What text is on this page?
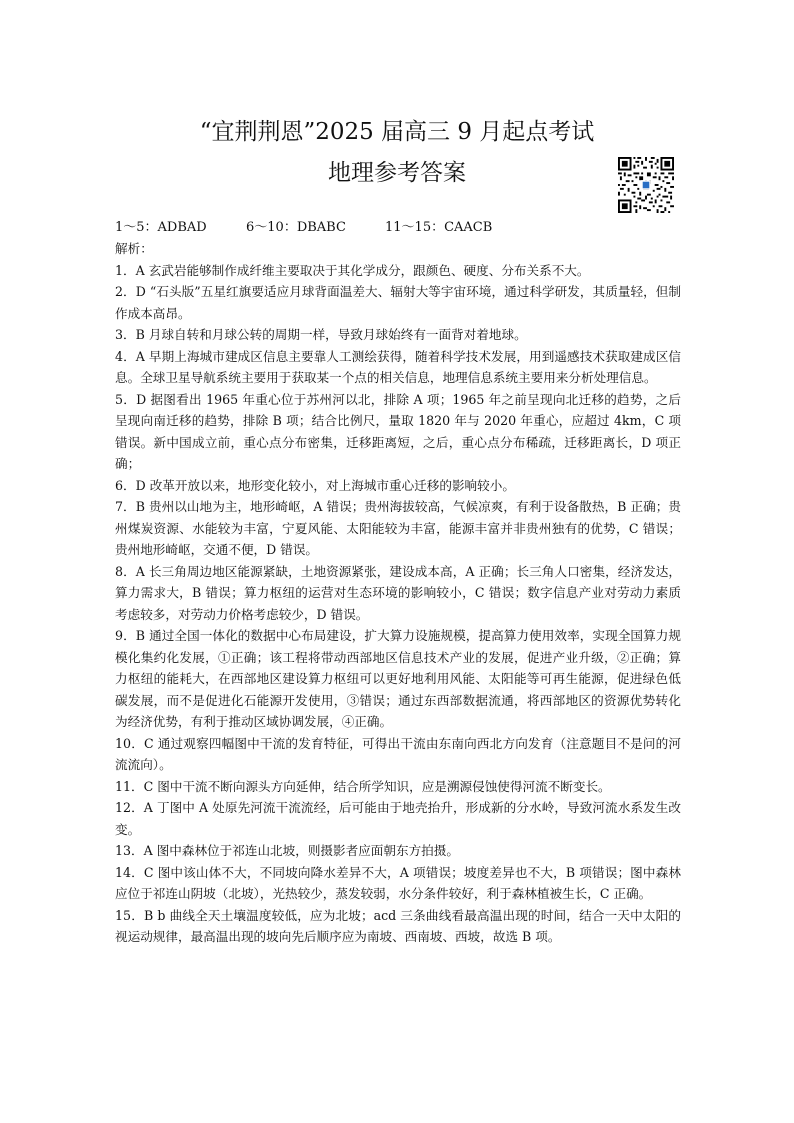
“宜荆荆恩”2025 届高三 9 月起点考试
地理参考答案
1～5：ADBAD	6～10：DBABC	11～15：CAACB

解析：

1．A 玄武岩能够制作成纤维主要取决于其化学成分，跟颜色、硬度、分布关系不大。

2．D “石头版”五星红旗要适应月球背面温差大、辐射大等宇宙环境，通过科学研发，其质量轻，但制作成本高昂。

3．B 月球自转和月球公转的周期一样，导致月球始终有一面背对着地球。

4．A 早期上海城市建成区信息主要靠人工测绘获得，随着科学技术发展，用到遥感技术获取建成区信息。全球卫星导航系统主要用于获取某一个点的相关信息，地理信息系统主要用来分析处理信息。

5．D 据图看出 1965 年重心位于苏州河以北，排除 A 项；1965 年之前呈现向北迁移的趋势，之后呈现向南迁移的趋势，排除 B 项；结合比例尺，量取 1820 年与 2020 年重心，应超过 4km，C 项错误。新中国成立前，重心点分布密集，迁移距离短，之后，重心点分布稀疏，迁移距离长，D 项正确；

6．D 改革开放以来，地形变化较小，对上海城市重心迁移的影响较小。

7．B 贵州以山地为主，地形崎岖，A 错误；贵州海拔较高，气候凉爽，有利于设备散热，B 正确；贵州煤炭资源、水能较为丰富，宁夏风能、太阳能较为丰富，能源丰富并非贵州独有的优势，C 错误；贵州地形崎岖，交通不便，D 错误。

8．A 长三角周边地区能源紧缺，土地资源紧张，建设成本高，A 正确；长三角人口密集，经济发达，算力需求大，B 错误；算力枢纽的运营对生态环境的影响较小，C 错误；数字信息产业对劳动力素质考虑较多，对劳动力价格考虑较少，D 错误。

9．B 通过全国一体化的数据中心布局建设，扩大算力设施规模，提高算力使用效率，实现全国算力规模化集约化发展，①正确；该工程将带动西部地区信息技术产业的发展，促进产业升级，②正确；算力枢纽的能耗大，在西部地区建设算力枢纽可以更好地利用风能、太阳能等可再生能源，促进绿色低碳发展，而不是促进化石能源开发使用，③错误；通过东西部数据流通，将西部地区的资源优势转化为经济优势，有利于推动区域协调发展，④正确。

10．C 通过观察四幅图中干流的发育特征，可得出干流由东南向西北方向发育（注意题目不是问的河流流向）。

11．C 图中干流不断向源头方向延伸，结合所学知识，应是溯源侵蚀使得河流不断变长。

12．A 丁图中 A 处原先河流干流流经，后可能由于地壳抬升，形成新的分水岭，导致河流水系发生改变。

13．A 图中森林位于祁连山北坡，则摄影者应面朝东方拍摄。

14．C 图中该山体不大，不同坡向降水差异不大，A 项错误；坡度差异也不大，B 项错误；图中森林应位于祁连山阴坡（北坡），光热较少，蒸发较弱，水分条件较好，利于森林植被生长，C 正确。

15．B b 曲线全天土壤温度较低，应为北坡；acd 三条曲线看最高温出现的时间，结合一天中太阳的视运动规律，最高温出现的坡向先后顺序应为南坡、西南坡、西坡，故选 B 项。
